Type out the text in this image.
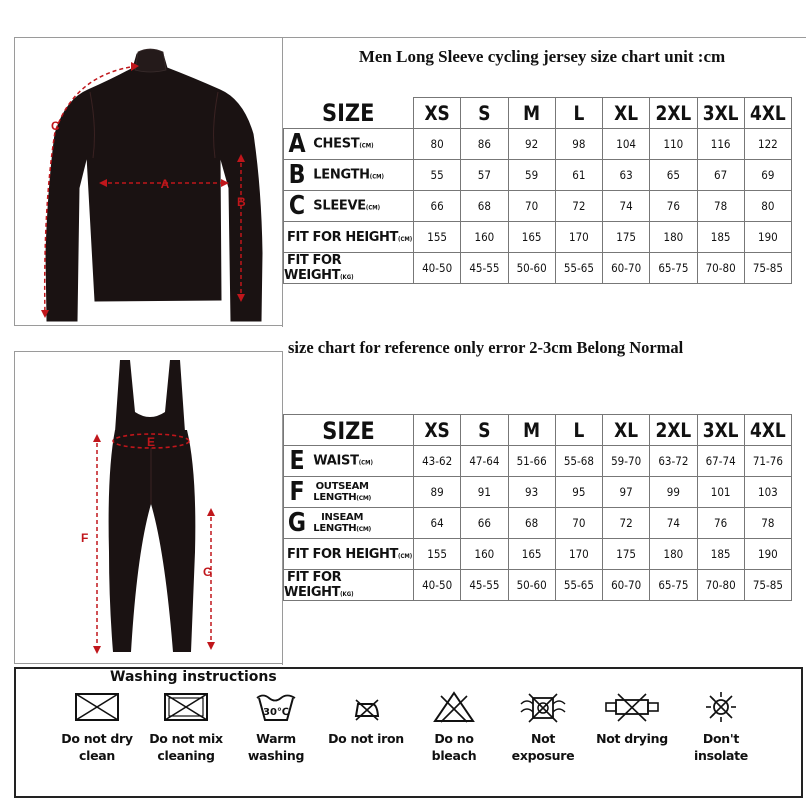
A
B
C
E
F
G
Men Long Sleeve cycling jersey size chart unit :cm
SIZE	XS	S	M	L	XL	2XL	3XL	4XL
A CHEST(CM)	80	86	92	98	104	110	116	122
B LENGTH(CM)	55	57	59	61	63	65	67	69
C SLEEVE(CM)	66	68	70	72	74	76	78	80
FIT FOR HEIGHT(CM)	155	160	165	170	175	180	185	190
FIT FOR WEIGHT(KG)	40-50	45-55	50-60	55-65	60-70	65-75	70-80	75-85
size chart for reference only error 2-3cm Belong Normal
SIZE	XS	S	M	L	XL	2XL	3XL	4XL
E WAIST(CM)	43-62	47-64	51-66	55-68	59-70	63-72	67-74	71-76
F OUTSEAM
LENGTH(CM)	89	91	93	95	97	99	101	103
G INSEAM
LENGTH(CM)	64	66	68	70	72	74	76	78
FIT FOR HEIGHT(CM)	155	160	165	170	175	180	185	190
FIT FOR WEIGHT(KG)	40-50	45-55	50-60	55-65	60-70	65-75	70-80	75-85
Washing instructions
Do not dry
clean
Do not mix
cleaning
30℃
Warm
washing
Do not iron	Do no bleach
Not exposure
Not drying	Don't insolate
